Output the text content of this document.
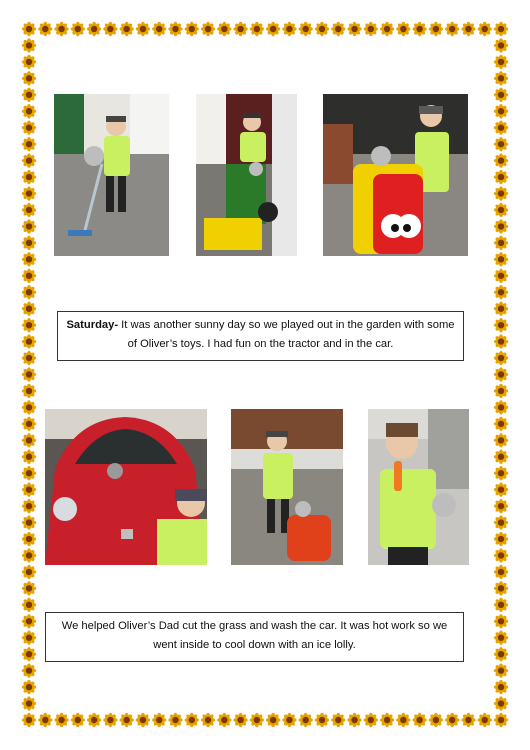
Saturday- It was another sunny day so we played out in the garden with some of Oliver’s toys. I had fun on the tractor and in the car.
We helped Oliver’s Dad cut the grass and wash the car. It was hot work so we went inside to cool down with an ice lolly.
